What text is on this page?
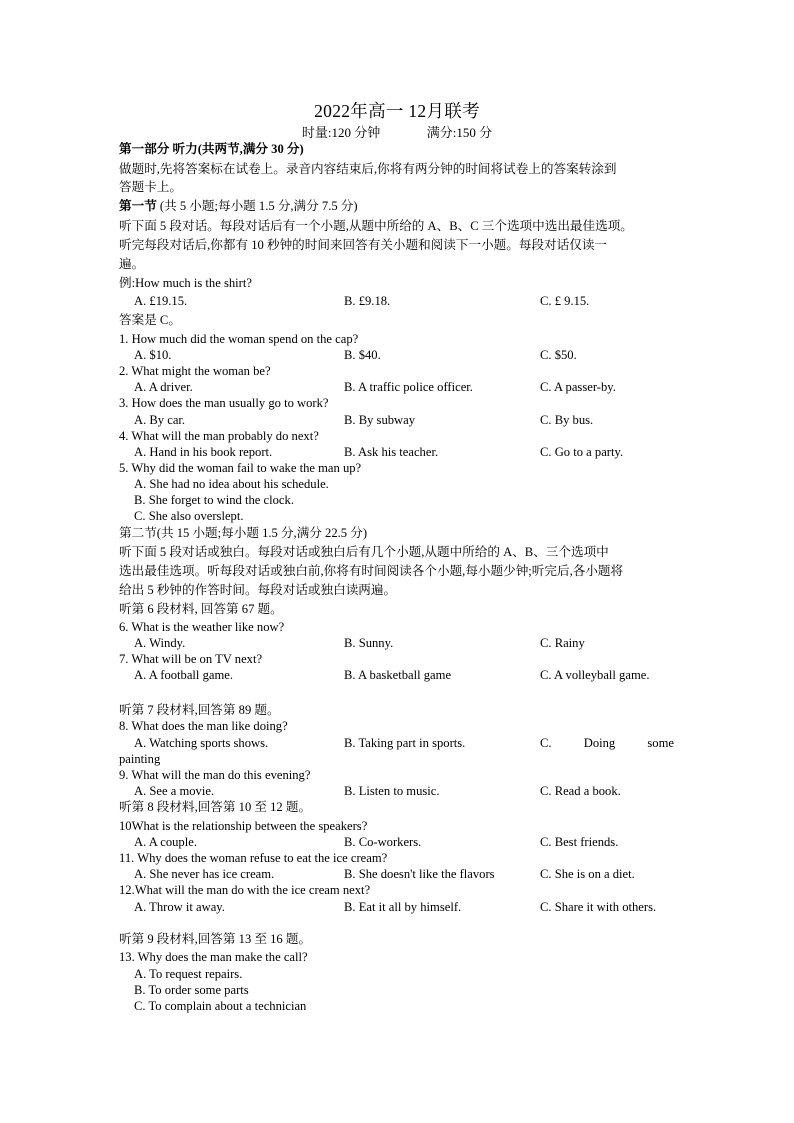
2022年高一 12月联考
时量:120 分钟	满分:150 分
第一部分 听力(共两节,满分 30 分)
做题时,先将答案标在试卷上。录音内容结束后,你将有两分钟的时间将试卷上的答案转涂到
答题卡上。
第一节 (共 5 小题;每小题 1.5 分,满分 7.5 分)
听下面 5 段对话。每段对话后有一个小题,从题中所给的 A、B、C 三个选项中选出最佳选项。
听完每段对话后,你都有 10 秒钟的时间来回答有关小题和阅读下一小题。每段对话仅读一
遍。
例:How much is the shirt?
A. £19.15.	B. £9.18.	C. £ 9.15.
答案是 C。
1. How much did the woman spend on the cap?
A. $10.	B. $40.	C. $50.
2. What might the woman be?
A. A driver.	B. A traffic police officer.	C. A passer-by.
3. How does the man usually go to work?
A. By car.	B. By subway	C. By bus.
4. What will the man probably do next?
A. Hand in his book report.	B. Ask his teacher.	C. Go to a party.
5. Why did the woman fail to wake the man up?
A. She had no idea about his schedule.
B. She forget to wind the clock.
C. She also overslept.
第二节(共 15 小题;每小题 1.5 分,满分 22.5 分)
听下面 5 段对话或独白。每段对话或独白后有几个小题,从题中所给的 A、B、三个选项中
选出最佳选项。听每段对话或独白前,你将有时间阅读各个小题,每小题少钟;听完后,各小题将
给出 5 秒钟的作答时间。每段对话或独白读两遍。
听第 6 段材料, 回答第 67 题。
6. What is the weather like now?
A. Windy.	B. Sunny.	C. Rainy
7. What will be on TV next?
A. A football game.	B. A basketball game	C. A volleyball game.
听第 7 段材料,回答第 89 题。
8. What does the man like doing?
A. Watching sports shows.	B. Taking part in sports.	C.	Doing	some
painting
9. What will the man do this evening?
A. See a movie.	B. Listen to music.	C. Read a book.
听第 8 段材料,回答第 10 至 12 题。
10What is the relationship between the speakers?
A. A couple.	B. Co-workers.	C. Best friends.
11. Why does the woman refuse to eat the ice cream?
A. She never has ice cream.	B. She doesn't like the flavors	C. She is on a diet.
12.What will the man do with the ice cream next?
A. Throw it away.	B. Eat it all by himself.	C. Share it with others.
听第 9 段材料,回答第 13 至 16 题。
13. Why does the man make the call?
A. To request repairs.
B. To order some parts
C. To complain about a technician
